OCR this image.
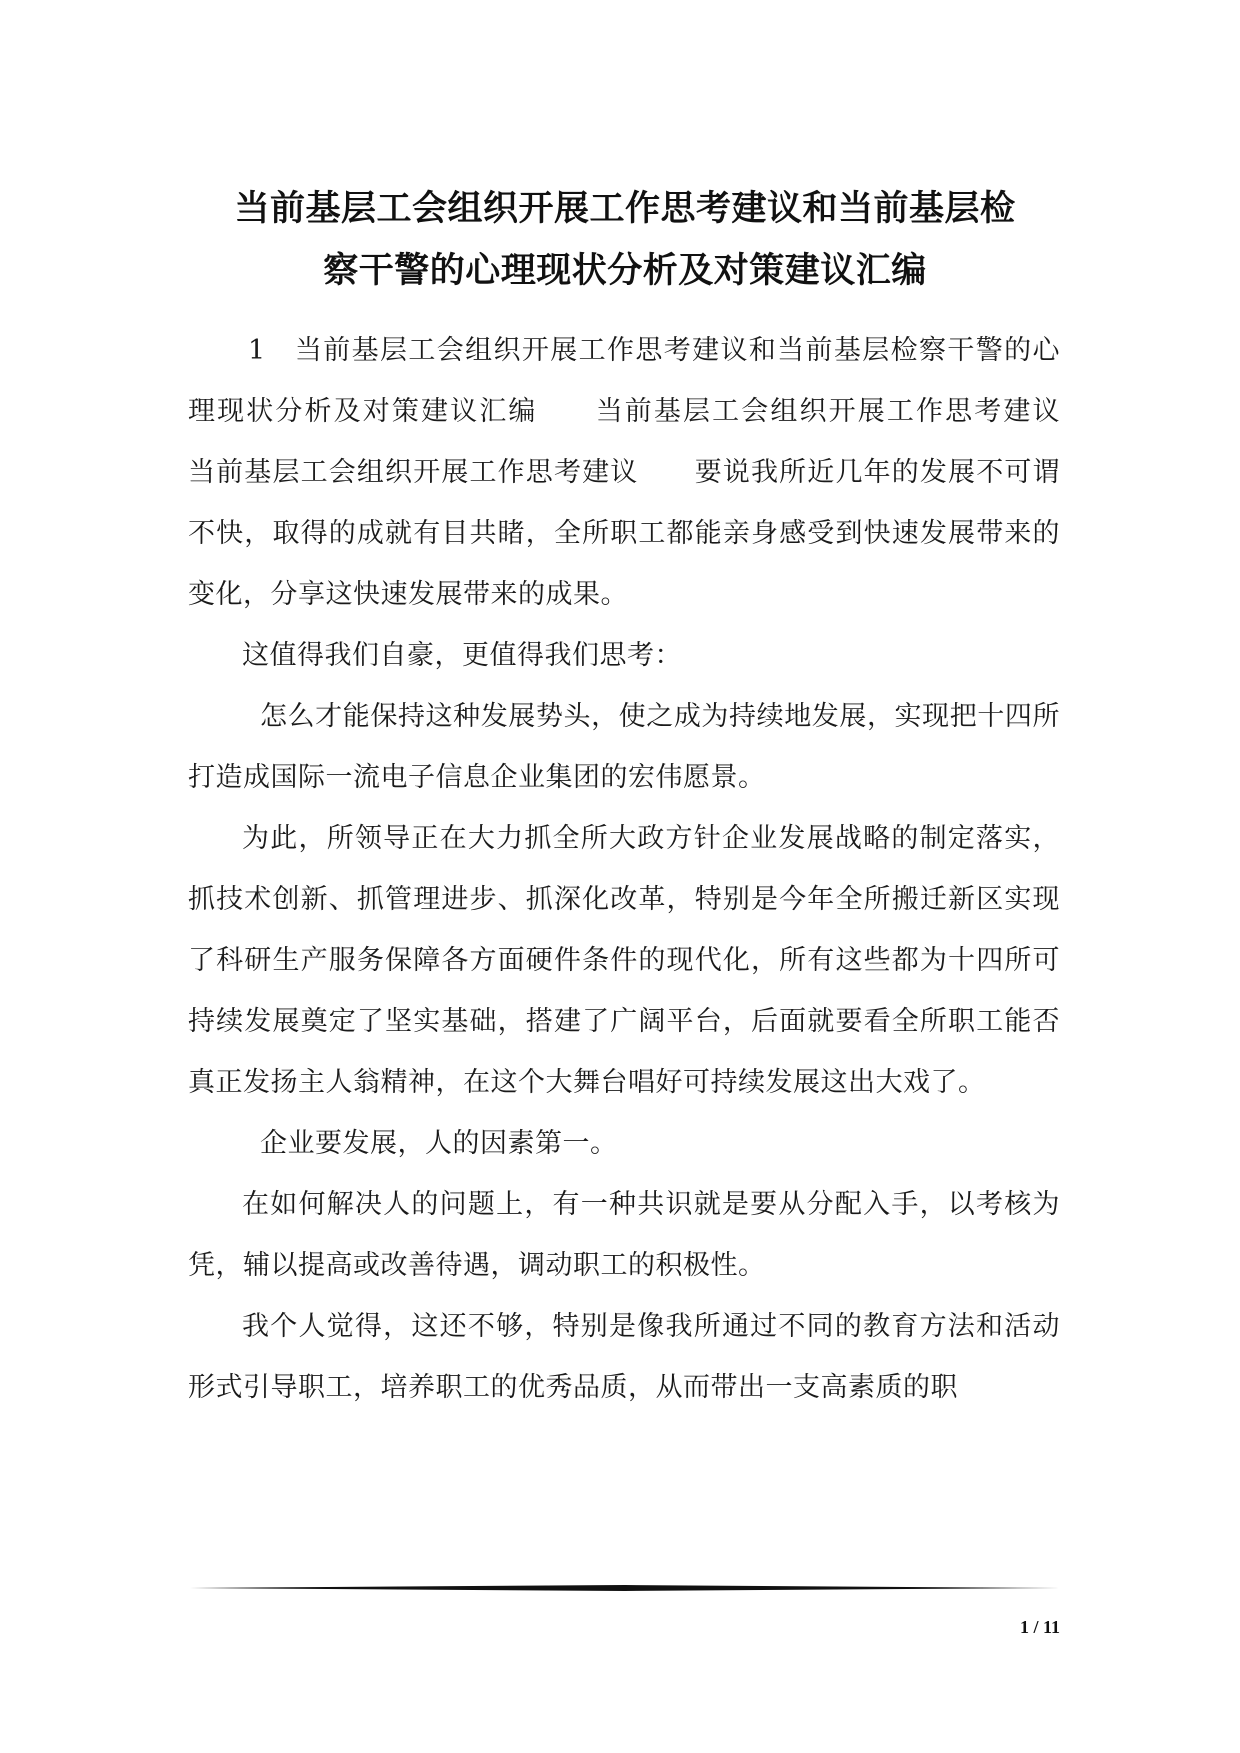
当前基层工会组织开展工作思考建议和当前基层检
察干警的心理现状分析及对策建议汇编

1　当前基层工会组织开展工作思考建议和当前基层检察干警的心理现状分析及对策建议汇编　　当前基层工会组织开展工作思考建议　　当前基层工会组织开展工作思考建议　　要说我所近几年的发展不可谓不快，取得的成就有目共睹，全所职工都能亲身感受到快速发展带来的变化，分享这快速发展带来的成果。

这值得我们自豪，更值得我们思考：

怎么才能保持这种发展势头，使之成为持续地发展，实现把十四所打造成国际一流电子信息企业集团的宏伟愿景。

为此，所领导正在大力抓全所大政方针企业发展战略的制定落实，抓技术创新、抓管理进步、抓深化改革，特别是今年全所搬迁新区实现了科研生产服务保障各方面硬件条件的现代化，所有这些都为十四所可持续发展奠定了坚实基础，搭建了广阔平台，后面就要看全所职工能否真正发扬主人翁精神，在这个大舞台唱好可持续发展这出大戏了。

企业要发展，人的因素第一。

在如何解决人的问题上，有一种共识就是要从分配入手，以考核为凭，辅以提高或改善待遇，调动职工的积极性。

我个人觉得，这还不够，特别是像我所通过不同的教育方法和活动形式引导职工，培养职工的优秀品质，从而带出一支高素质的职

1 / 11
